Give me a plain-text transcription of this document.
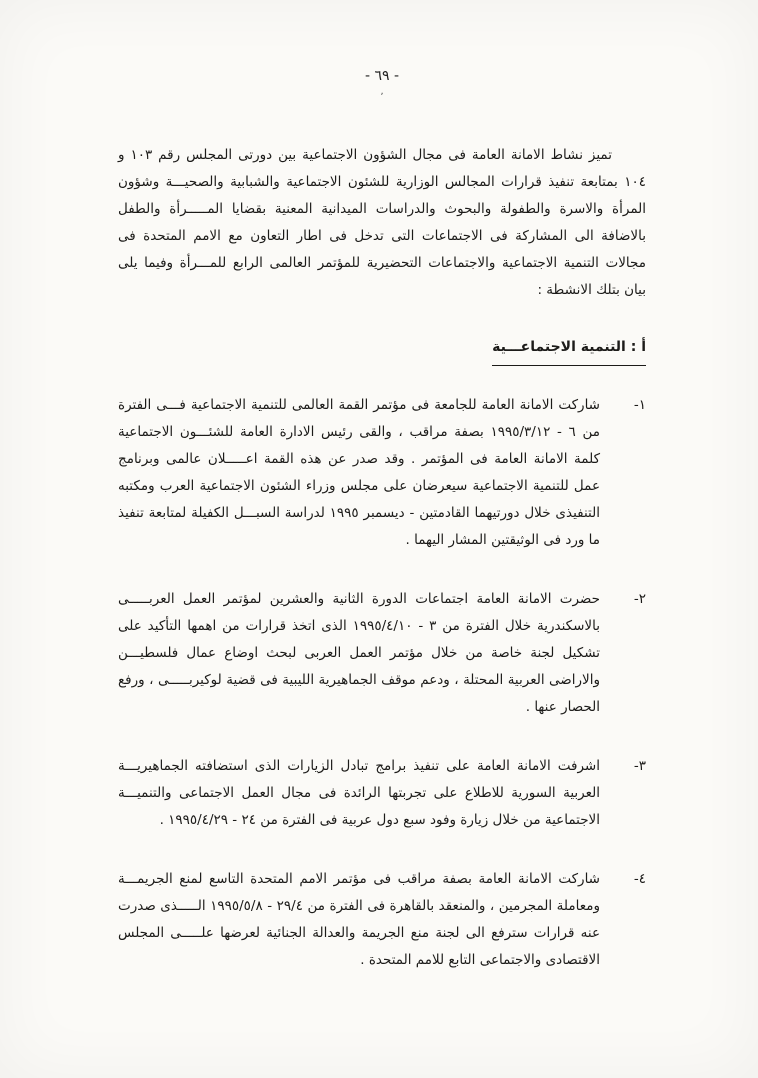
- ٦٩ -
٬

تميز نشاط الامانة العامة فى مجال الشؤون الاجتماعية بين دورتى المجلس رقم ١٠٣ و ١٠٤ بمتابعة تنفيذ قرارات المجالس الوزارية للشئون الاجتماعية والشبابية والصحيـــة وشؤون المرأة والاسرة والطفولة والبحوث والدراسات الميدانية المعنية بقضايا المـــــرأة والطفل بالاضافة الى المشاركة فى الاجتماعات التى تدخل فى اطار التعاون مع الامم المتحدة فى مجالات التنمية الاجتماعية والاجتماعات التحضيرية للمؤتمر العالمى الرابع للمـــرأة وفيما يلى بيان بتلك الانشطة :

أ : التنمية الاجتماعـــية
١-
شاركت الامانة العامة للجامعة فى مؤتمر القمة العالمى للتنمية الاجتماعية فـــى الفترة من ٦ - ١٩٩٥/٣/١٢ بصفة مراقب ، والقى رئيس الادارة العامة للشئـــون الاجتماعية كلمة الامانة العامة فى المؤتمر . وقد صدر عن هذه القمة اعـــــلان عالمى وبرنامج عمل للتنمية الاجتماعية سيعرضان على مجلس وزراء الشئون الاجتماعية العرب ومكتبه التنفيذى خلال دورتيهما القادمتين - ديسمبر ١٩٩٥ لدراسة السبـــل الكفيلة لمتابعة تنفيذ ما ورد فى الوثيقتين المشار اليهما .
٢-
حضرت الامانة العامة اجتماعات الدورة الثانية والعشرين لمؤتمر العمل العربـــــى بالاسكندرية خلال الفترة من ٣ - ١٩٩٥/٤/١٠ الذى اتخذ قرارات من اهمها التأكيد على تشكيل لجنة خاصة من خلال مؤتمر العمل العربى لبحث اوضاع عمال فلسطيـــن والاراضى العربية المحتلة ، ودعم موقف الجماهيرية الليبية فى قضية لوكيربـــــى ، ورفع الحصار عنها .
٣-
اشرفت الامانة العامة على تنفيذ برامج تبادل الزيارات الذى استضافته الجماهيريـــة العربية السورية للاطلاع على تجربتها الرائدة فى مجال العمل الاجتماعى والتنميـــة الاجتماعية من خلال زيارة وفود سبع دول عربية فى الفترة من ٢٤ - ١٩٩٥/٤/٢٩ .
٤-
شاركت الامانة العامة بصفة مراقب فى مؤتمر الامم المتحدة التاسع لمنع الجريمـــة ومعاملة المجرمين ، والمنعقد بالقاهرة فى الفترة من ٢٩/٤ - ١٩٩٥/٥/٨ الـــــذى صدرت عنه قرارات سترفع الى لجنة منع الجريمة والعدالة الجنائية لعرضها علـــــى المجلس الاقتصادى والاجتماعى التابع للامم المتحدة .
